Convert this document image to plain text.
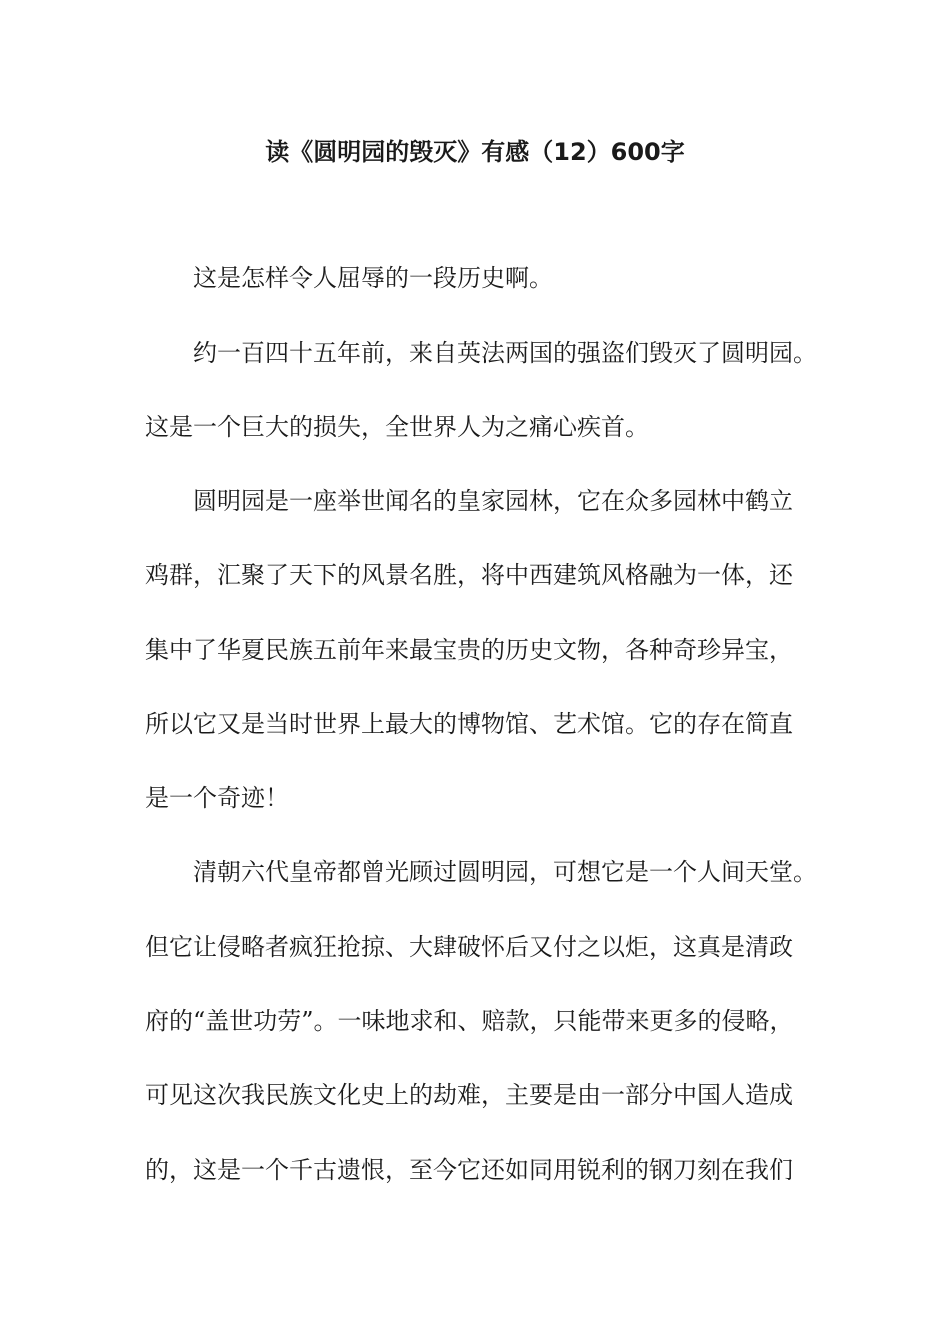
读《圆明园的毁灭》有感（12）600字

这是怎样令人屈辱的一段历史啊。

约一百四十五年前，来自英法两国的强盗们毁灭了圆明园。

这是一个巨大的损失，全世界人为之痛心疾首。

圆明园是一座举世闻名的皇家园林，它在众多园林中鹤立

鸡群，汇聚了天下的风景名胜，将中西建筑风格融为一体，还

集中了华夏民族五前年来最宝贵的历史文物，各种奇珍异宝，

所以它又是当时世界上最大的博物馆、艺术馆。它的存在简直

是一个奇迹！

清朝六代皇帝都曾光顾过圆明园，可想它是一个人间天堂。

但它让侵略者疯狂抢掠、大肆破怀后又付之以炬，这真是清政

府的“盖世功劳”。一味地求和、赔款，只能带来更多的侵略，

可见这次我民族文化史上的劫难，主要是由一部分中国人造成

的，这是一个千古遗恨，至今它还如同用锐利的钢刀刻在我们
